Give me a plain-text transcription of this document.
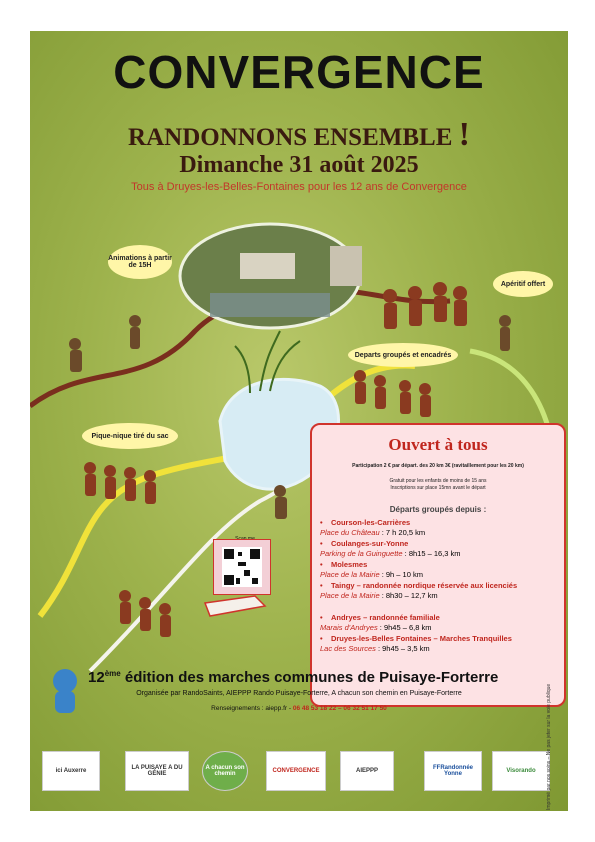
CONVERGENCE
RANDONNONS ENSEMBLE !
Dimanche 31 août 2025
Tous à Druyes-les-Belles-Fontaines pour les 12 ans de Convergence
Animations à partir de 15H
Apéritif offert
Departs groupés et encadrés
Pique-nique tiré du sac	Ouvert à tous
Participation 2 € par départ. des 20 km 3€ (ravitaillement pour les 20 km)
Gratuit pour les enfants de moins de 15 ans
Inscriptions sur place 15mn avant le départ
Départs groupés depuis :
•    Courson-les-Carrières
Place du Château : 7 h 20,5 km
•    Coulanges-sur-Yonne
Parking de la Guinguette : 8h15 – 16,3 km
•    Molesmes
Place de la Mairie : 9h – 10 km
•    Taingy – randonnée nordique réservée aux licenciés
Place de la Mairie : 8h30 – 12,7 km
•    Andryes – randonnée familiale
Marais d'Andryes : 9h45 – 6,8 km
•    Druyes-les-Belles Fontaines – Marches Tranquilles
Lac des Sources : 9h45 – 3,5 km
12ème édition des marches communes de Puisaye-Forterre
Organisée par RandoSaints, AIEPPP Rando Puisaye-Forterre, A chacun son chemin en Puisaye-Forterre
Renseignements : aiepp.fr - 06 48 53 18 22 – 06 32 51 17 50
ici Auxerre	LA PUISAYE A DU GÉNIE
A chacun son chemin	CONVERGENCE	AIEPPP	FFRandonnée Yonne	Visorando	Imprimé par nos soins – Ne pas jeter sur la voie publique
